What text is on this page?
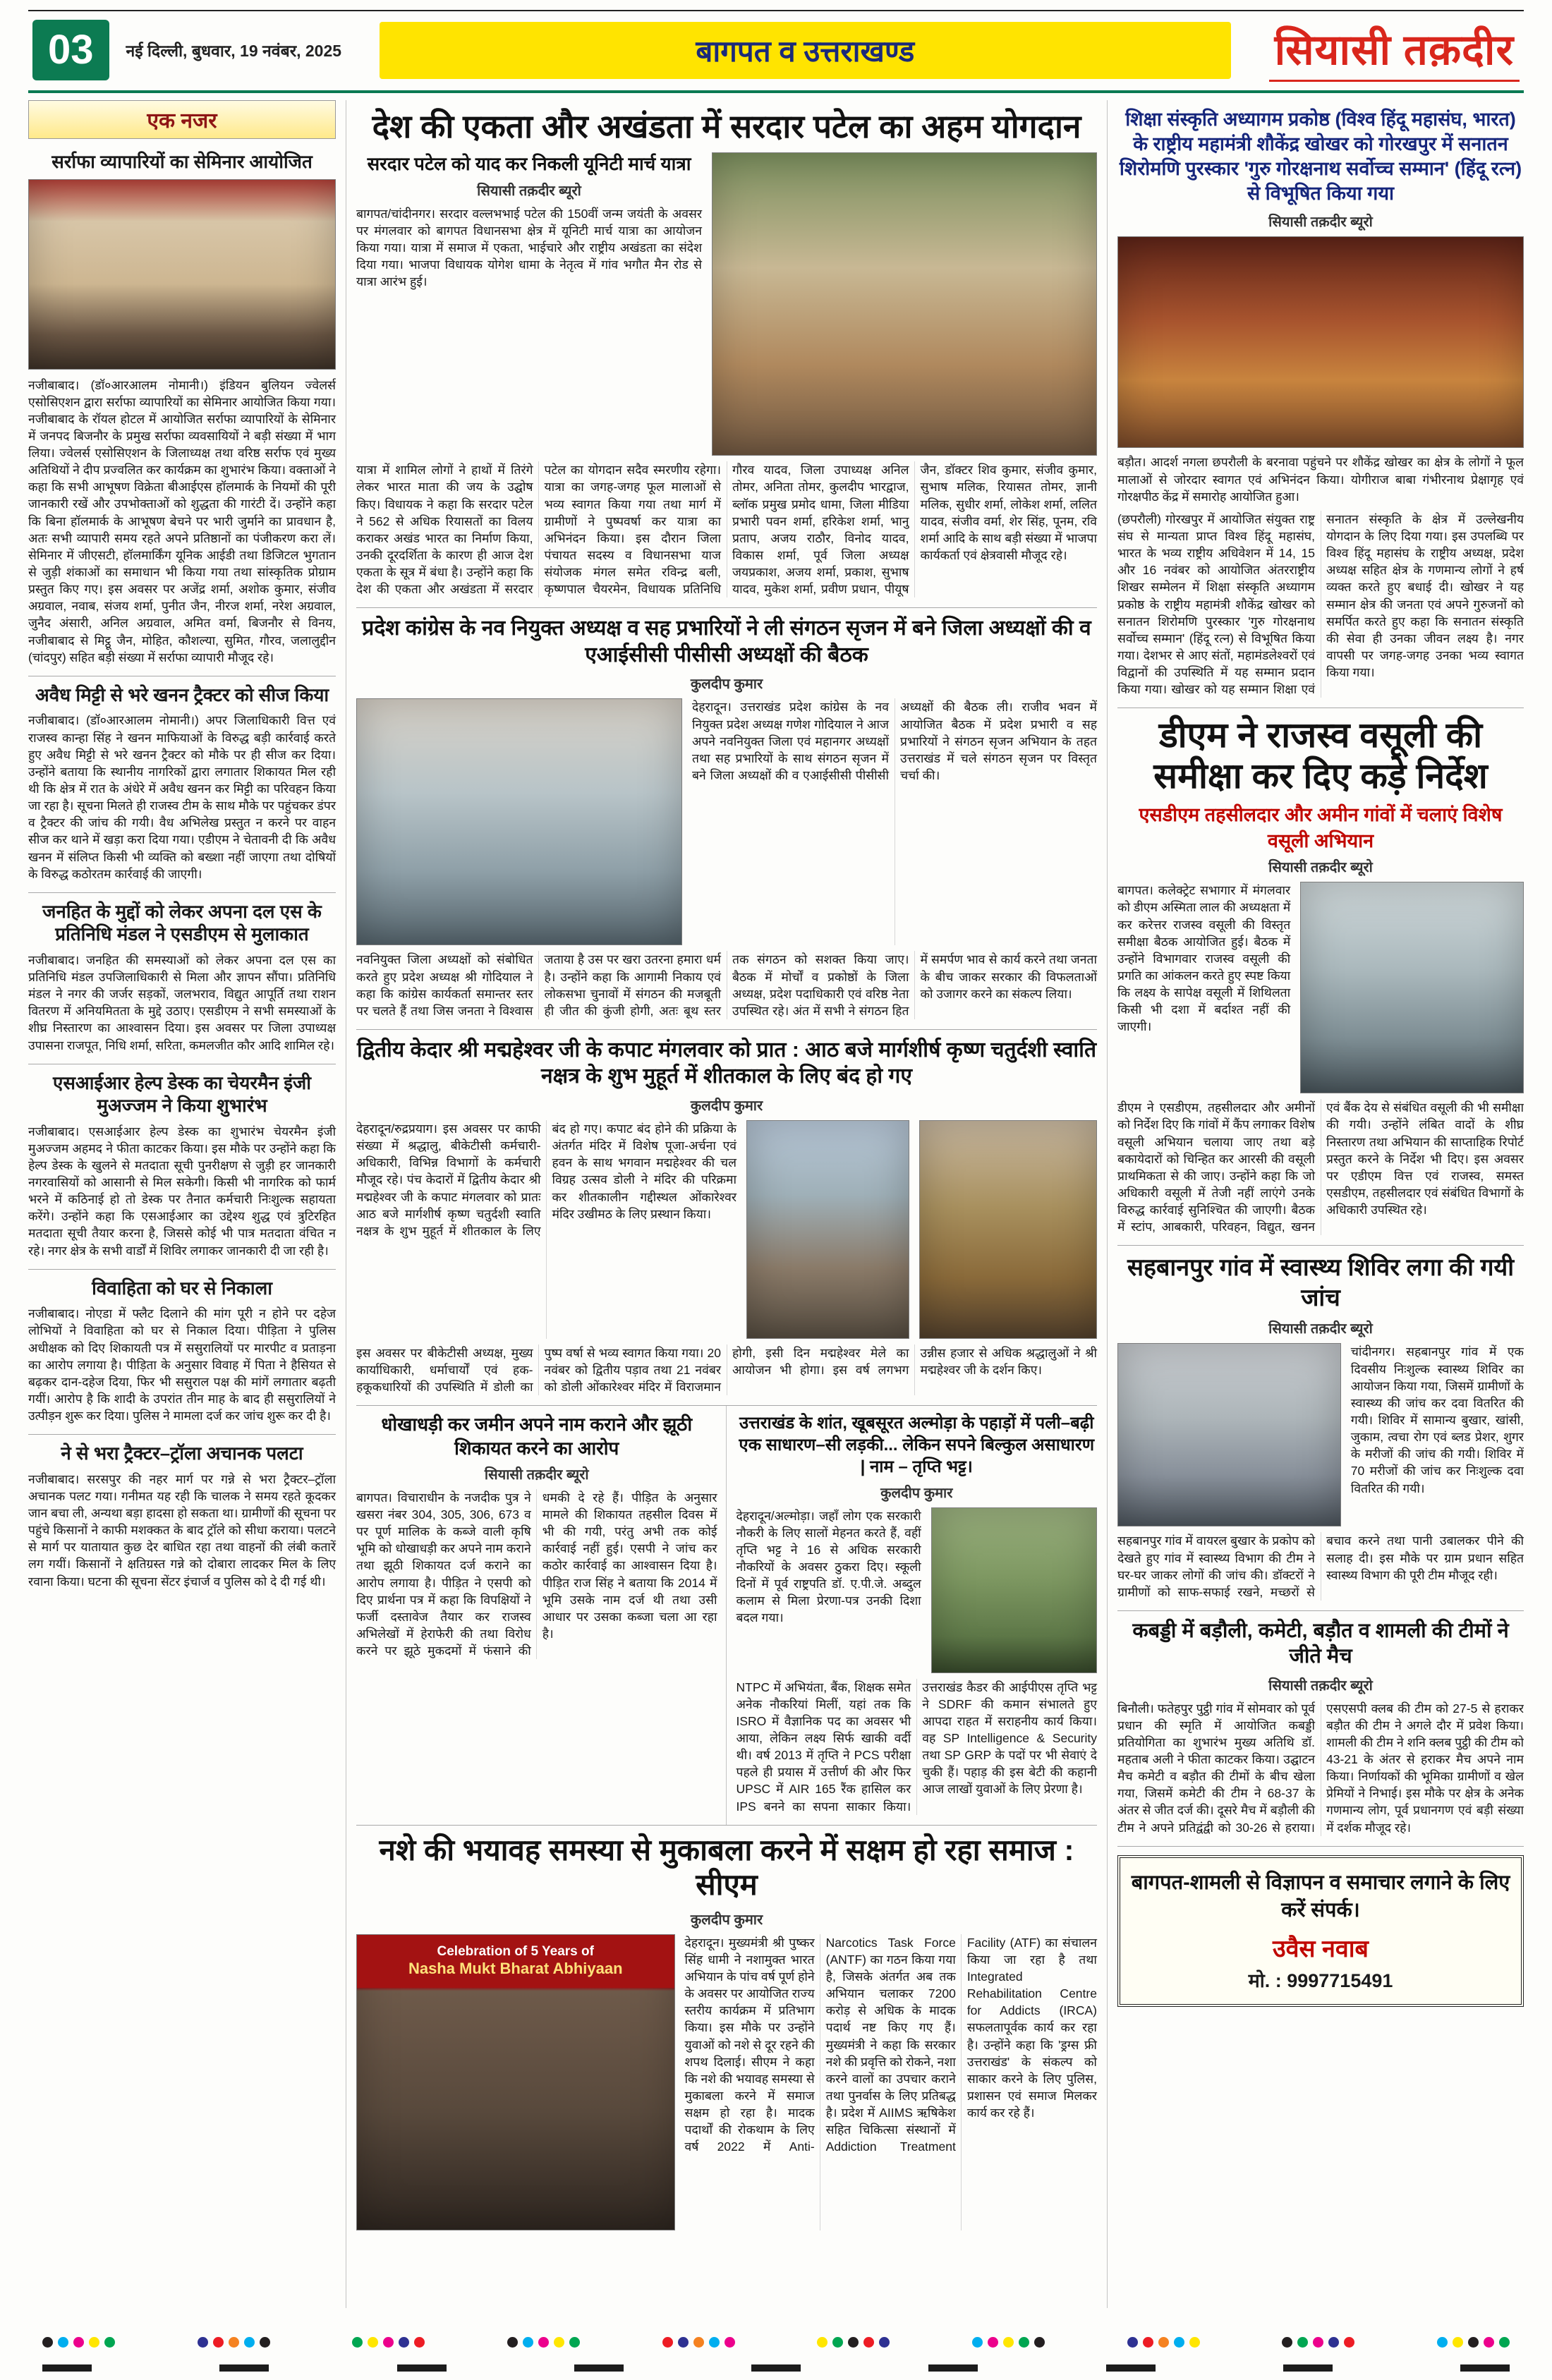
03	नई दिल्ली, बुधवार, 19 नवंबर, 2025	बागपत व उत्तराखण्ड	सियासी तक़दीर
एक नजर
सर्राफा व्यापारियों का सेमिनार आयोजित

नजीबाबाद। (डॉ०आरआलम नोमानी।) इंडियन बुलियन ज्वेलर्स एसोसिएशन द्वारा सर्राफा व्यापारियों का सेमिनार आयोजित किया गया। नजीबाबाद के रॉयल होटल में आयोजित सर्राफा व्यापारियों के सेमिनार में जनपद बिजनौर के प्रमुख सर्राफा व्यवसायियों ने बड़ी संख्या में भाग लिया। ज्वेलर्स एसोसिएशन के जिलाध्यक्ष तथा वरिष्ठ सर्राफ एवं मुख्य अतिथियों ने दीप प्रज्वलित कर कार्यक्रम का शुभारंभ किया। वक्ताओं ने कहा कि सभी आभूषण विक्रेता बीआईएस हॉलमार्क के नियमों की पूरी जानकारी रखें और उपभोक्ताओं को शुद्धता की गारंटी दें। उन्होंने कहा कि बिना हॉलमार्क के आभूषण बेचने पर भारी जुर्माने का प्रावधान है, अतः सभी व्यापारी समय रहते अपने प्रतिष्ठानों का पंजीकरण करा लें। सेमिनार में जीएसटी, हॉलमार्किंग यूनिक आईडी तथा डिजिटल भुगतान से जुड़ी शंकाओं का समाधान भी किया गया तथा सांस्कृतिक प्रोग्राम प्रस्तुत किए गए। इस अवसर पर अजेंद्र शर्मा, अशोक कुमार, संजीव अग्रवाल, नवाब, संजय शर्मा, पुनीत जैन, नीरज शर्मा, नरेश अग्रवाल, जुनैद अंसारी, अनिल अग्रवाल, अमित वर्मा, बिजनौर से विनय, नजीबाबाद से मिट्ठू जैन, मोहित, कौशल्या, सुमित, गौरव, जलालुद्दीन (चांदपुर) सहित बड़ी संख्या में सर्राफा व्यापारी मौजूद रहे।

अवैध मिट्टी से भरे खनन ट्रैक्टर को सीज किया

नजीबाबाद। (डॉ०आरआलम नोमानी।) अपर जिलाधिकारी वित्त एवं राजस्व कान्हा सिंह ने खनन माफियाओं के विरुद्ध बड़ी कार्रवाई करते हुए अवैध मिट्टी से भरे खनन ट्रैक्टर को मौके पर ही सीज कर दिया। उन्होंने बताया कि स्थानीय नागरिकों द्वारा लगातार शिकायत मिल रही थी कि क्षेत्र में रात के अंधेरे में अवैध खनन कर मिट्टी का परिवहन किया जा रहा है। सूचना मिलते ही राजस्व टीम के साथ मौके पर पहुंचकर डंपर व ट्रैक्टर की जांच की गयी। वैध अभिलेख प्रस्तुत न करने पर वाहन सीज कर थाने में खड़ा करा दिया गया। एडीएम ने चेतावनी दी कि अवैध खनन में संलिप्त किसी भी व्यक्ति को बख्शा नहीं जाएगा तथा दोषियों के विरुद्ध कठोरतम कार्रवाई की जाएगी।

जनहित के मुद्दों को लेकर अपना दल एस के प्रतिनिधि मंडल ने एसडीएम से मुलाकात

नजीबाबाद। जनहित की समस्याओं को लेकर अपना दल एस का प्रतिनिधि मंडल उपजिलाधिकारी से मिला और ज्ञापन सौंपा। प्रतिनिधि मंडल ने नगर की जर्जर सड़कों, जलभराव, विद्युत आपूर्ति तथा राशन वितरण में अनियमितता के मुद्दे उठाए। एसडीएम ने सभी समस्याओं के शीघ्र निस्तारण का आश्वासन दिया। इस अवसर पर जिला उपाध्यक्ष उपासना राजपूत, निधि शर्मा, सरिता, कमलजीत कौर आदि शामिल रहे।

एसआईआर हेल्प डेस्क का चेयरमैन इंजी मुअज्जम ने किया शुभारंभ

नजीबाबाद। एसआईआर हेल्प डेस्क का शुभारंभ चेयरमैन इंजी मुअज्जम अहमद ने फीता काटकर किया। इस मौके पर उन्होंने कहा कि हेल्प डेस्क के खुलने से मतदाता सूची पुनरीक्षण से जुड़ी हर जानकारी नगरवासियों को आसानी से मिल सकेगी। किसी भी नागरिक को फार्म भरने में कठिनाई हो तो डेस्क पर तैनात कर्मचारी निःशुल्क सहायता करेंगे। उन्होंने कहा कि एसआईआर का उद्देश्य शुद्ध एवं त्रुटिरहित मतदाता सूची तैयार करना है, जिससे कोई भी पात्र मतदाता वंचित न रहे। नगर क्षेत्र के सभी वार्डों में शिविर लगाकर जानकारी दी जा रही है।

विवाहिता को घर से निकाला

नजीबाबाद। नोएडा में फ्लैट दिलाने की मांग पूरी न होने पर दहेज लोभियों ने विवाहिता को घर से निकाल दिया। पीड़िता ने पुलिस अधीक्षक को दिए शिकायती पत्र में ससुरालियों पर मारपीट व प्रताड़ना का आरोप लगाया है। पीड़िता के अनुसार विवाह में पिता ने हैसियत से बढ़कर दान-दहेज दिया, फिर भी ससुराल पक्ष की मांगें लगातार बढ़ती गयीं। आरोप है कि शादी के उपरांत तीन माह के बाद ही ससुरालियों ने उत्पीड़न शुरू कर दिया। पुलिस ने मामला दर्ज कर जांच शुरू कर दी है।

ने से भरा ट्रैक्टर–ट्रॉला अचानक पलटा

नजीबाबाद। सरसपुर की नहर मार्ग पर गन्ने से भरा ट्रैक्टर–ट्रॉला अचानक पलट गया। गनीमत यह रही कि चालक ने समय रहते कूदकर जान बचा ली, अन्यथा बड़ा हादसा हो सकता था। ग्रामीणों की सूचना पर पहुंचे किसानों ने काफी मशक्कत के बाद ट्रॉले को सीधा कराया। पलटने से मार्ग पर यातायात कुछ देर बाधित रहा तथा वाहनों की लंबी कतारें लग गयीं। किसानों ने क्षतिग्रस्त गन्ने को दोबारा लादकर मिल के लिए रवाना किया। घटना की सूचना सेंटर इंचार्ज व पुलिस को दे दी गई थी।

देश की एकता और अखंडता में सरदार पटेल का अहम योगदान
सरदार पटेल को याद कर निकली यूनिटी मार्च यात्रा
सियासी तक़दीर ब्यूरो

बागपत/चांदीनगर। सरदार वल्लभभाई पटेल की 150वीं जन्म जयंती के अवसर पर मंगलवार को बागपत विधानसभा क्षेत्र में यूनिटी मार्च यात्रा का आयोजन किया गया। यात्रा में समाज में एकता, भाईचारे और राष्ट्रीय अखंडता का संदेश दिया गया। भाजपा विधायक योगेश धामा के नेतृत्व में गांव भगौत मैन रोड से यात्रा आरंभ हुई।

यात्रा में शामिल लोगों ने हाथों में तिरंगे लेकर भारत माता की जय के उद्घोष किए। विधायक ने कहा कि सरदार पटेल ने 562 से अधिक रियासतों का विलय कराकर अखंड भारत का निर्माण किया, उनकी दूरदर्शिता के कारण ही आज देश एकता के सूत्र में बंधा है। उन्होंने कहा कि देश की एकता और अखंडता में सरदार पटेल का योगदान सदैव स्मरणीय रहेगा। यात्रा का जगह-जगह फूल मालाओं से भव्य स्वागत किया गया तथा मार्ग में ग्रामीणों ने पुष्पवर्षा कर यात्रा का अभिनंदन किया। इस दौरान जिला पंचायत सदस्य व विधानसभा याज संयोजक मंगल समेत रविन्द्र बली, कृष्णपाल चैयरमेन, विधायक प्रतिनिधि गौरव यादव, जिला उपाध्यक्ष अनिल तोमर, अनिता तोमर, कुलदीप भारद्वाज, ब्लॉक प्रमुख प्रमोद धामा, जिला मीडिया प्रभारी पवन शर्मा, हरिकेश शर्मा, भानु प्रताप, अजय राठौर, विनोद यादव, विकास शर्मा, पूर्व जिला अध्यक्ष जयप्रकाश, अजय शर्मा, प्रकाश, सुभाष यादव, मुकेश शर्मा, प्रवीण प्रधान, पीयूष जैन, डॉक्टर शिव कुमार, संजीव कुमार, सुभाष मलिक, रियासत तोमर, ज्ञानी मलिक, सुधीर शर्मा, लोकेश शर्मा, ललित यादव, संजीव वर्मा, शेर सिंह, पूनम, रवि शर्मा आदि के साथ बड़ी संख्या में भाजपा कार्यकर्ता एवं क्षेत्रवासी मौजूद रहे।

प्रदेश कांग्रेस के नव नियुक्त अध्यक्ष व सह प्रभारियों ने ली संगठन सृजन में बने जिला अध्यक्षों की व एआईसीसी पीसीसी अध्यक्षों की बैठक
कुलदीप कुमार

देहरादून। उत्तराखंड प्रदेश कांग्रेस के नव नियुक्त प्रदेश अध्यक्ष गणेश गोदियाल ने आज अपने नवनियुक्त जिला एवं महानगर अध्यक्षों तथा सह प्रभारियों के साथ संगठन सृजन में बने जिला अध्यक्षों की व एआईसीसी पीसीसी अध्यक्षों की बैठक ली। राजीव भवन में आयोजित बैठक में प्रदेश प्रभारी व सह प्रभारियों ने संगठन सृजन अभियान के तहत उत्तराखंड में चले संगठन सृजन पर विस्तृत चर्चा की।

नवनियुक्त जिला अध्यक्षों को संबोधित करते हुए प्रदेश अध्यक्ष श्री गोदियाल ने कहा कि कांग्रेस कार्यकर्ता समान्तर स्तर पर चलते हैं तथा जिस जनता ने विश्वास जताया है उस पर खरा उतरना हमारा धर्म है। उन्होंने कहा कि आगामी निकाय एवं लोकसभा चुनावों में संगठन की मजबूती ही जीत की कुंजी होगी, अतः बूथ स्तर तक संगठन को सशक्त किया जाए। बैठक में मोर्चों व प्रकोष्ठों के जिला अध्यक्ष, प्रदेश पदाधिकारी एवं वरिष्ठ नेता उपस्थित रहे। अंत में सभी ने संगठन हित में समर्पण भाव से कार्य करने तथा जनता के बीच जाकर सरकार की विफलताओं को उजागर करने का संकल्प लिया।

द्वितीय केदार श्री मद्महेश्वर जी के कपाट मंगलवार को प्रात : आठ बजे मार्गशीर्ष कृष्ण चतुर्दशी स्वाति नक्षत्र के शुभ मुहूर्त में शीतकाल के लिए बंद हो गए
कुलदीप कुमार

देहरादून/रुद्रप्रयाग। इस अवसर पर काफी संख्या में श्रद्धालु, बीकेटीसी कर्मचारी-अधिकारी, विभिन्न विभागों के कर्मचारी मौजूद रहे। पंच केदारों में द्वितीय केदार श्री मद्महेश्वर जी के कपाट मंगलवार को प्रातः आठ बजे मार्गशीर्ष कृष्ण चतुर्दशी स्वाति नक्षत्र के शुभ मुहूर्त में शीतकाल के लिए बंद हो गए। कपाट बंद होने की प्रक्रिया के अंतर्गत मंदिर में विशेष पूजा-अर्चना एवं हवन के साथ भगवान मद्महेश्वर की चल विग्रह उत्सव डोली ने मंदिर की परिक्रमा कर शीतकालीन गद्दीस्थल ओंकारेश्वर मंदिर उखीमठ के लिए प्रस्थान किया।

इस अवसर पर बीकेटीसी अध्यक्ष, मुख्य कार्याधिकारी, धर्माचार्यों एवं हक-हकूकधारियों की उपस्थिति में डोली का पुष्प वर्षा से भव्य स्वागत किया गया। 20 नवंबर को द्वितीय पड़ाव तथा 21 नवंबर को डोली ओंकारेश्वर मंदिर में विराजमान होगी, इसी दिन मद्महेश्वर मेले का आयोजन भी होगा। इस वर्ष लगभग उन्नीस हजार से अधिक श्रद्धालुओं ने श्री मद्महेश्वर जी के दर्शन किए।

धोखाधड़ी कर जमीन अपने नाम कराने और झूठी शिकायत करने का आरोप
सियासी तक़दीर ब्यूरो

बागपत। विचाराधीन के नजदीक पुत्र ने खसरा नंबर 304, 305, 306, 673 व पर पूर्ण मालिक के कब्जे वाली कृषि भूमि को धोखाधड़ी कर अपने नाम कराने तथा झूठी शिकायत दर्ज कराने का आरोप लगाया है। पीड़ित ने एसपी को दिए प्रार्थना पत्र में कहा कि विपक्षियों ने फर्जी दस्तावेज तैयार कर राजस्व अभिलेखों में हेराफेरी की तथा विरोध करने पर झूठे मुकदमों में फंसाने की धमकी दे रहे हैं। पीड़ित के अनुसार मामले की शिकायत तहसील दिवस में भी की गयी, परंतु अभी तक कोई कार्रवाई नहीं हुई। एसपी ने जांच कर कठोर कार्रवाई का आश्वासन दिया है। पीड़ित राज सिंह ने बताया कि 2014 में भूमि उसके नाम दर्ज थी तथा उसी आधार पर उसका कब्जा चला आ रहा है।

उत्तराखंड के शांत, खूबसूरत अल्मोड़ा के पहाड़ों में पली–बढ़ी एक साधारण–सी लड़की... लेकिन सपने बिल्कुल असाधारण | नाम – तृप्ति भट्ट।
कुलदीप कुमार

देहरादून/अल्मोड़ा। जहाँ लोग एक सरकारी नौकरी के लिए सालों मेहनत करते हैं, वहीं तृप्ति भट्ट ने 16 से अधिक सरकारी नौकरियों के अवसर ठुकरा दिए। स्कूली दिनों में पूर्व राष्ट्रपति डॉ. ए.पी.जे. अब्दुल कलाम से मिला प्रेरणा-पत्र उनकी दिशा बदल गया।

NTPC में अभियंता, बैंक, शिक्षक समेत अनेक नौकरियां मिलीं, यहां तक कि ISRO में वैज्ञानिक पद का अवसर भी आया, लेकिन लक्ष्य सिर्फ खाकी वर्दी थी। वर्ष 2013 में तृप्ति ने PCS परीक्षा पहले ही प्रयास में उत्तीर्ण की और फिर UPSC में AIR 165 रैंक हासिल कर IPS बनने का सपना साकार किया। उत्तराखंड कैडर की आईपीएस तृप्ति भट्ट ने SDRF की कमान संभालते हुए आपदा राहत में सराहनीय कार्य किया। वह SP Intelligence & Security तथा SP GRP के पदों पर भी सेवाएं दे चुकी हैं। पहाड़ की इस बेटी की कहानी आज लाखों युवाओं के लिए प्रेरणा है।

नशे की भयावह समस्या से मुकाबला करने में सक्षम हो रहा समाज : सीएम
कुलदीप कुमार
Celebration of 5 Years of
Nasha Mukt Bharat Abhiyaan

देहरादून। मुख्यमंत्री श्री पुष्कर सिंह धामी ने नशामुक्त भारत अभियान के पांच वर्ष पूर्ण होने के अवसर पर आयोजित राज्य स्तरीय कार्यक्रम में प्रतिभाग किया। इस मौके पर उन्होंने युवाओं को नशे से दूर रहने की शपथ दिलाई। सीएम ने कहा कि नशे की भयावह समस्या से मुकाबला करने में समाज सक्षम हो रहा है। मादक पदार्थों की रोकथाम के लिए वर्ष 2022 में Anti-Narcotics Task Force (ANTF) का गठन किया गया है, जिसके अंतर्गत अब तक अभियान चलाकर 7200 करोड़ से अधिक के मादक पदार्थ नष्ट किए गए हैं। मुख्यमंत्री ने कहा कि सरकार नशे की प्रवृत्ति को रोकने, नशा करने वालों का उपचार कराने तथा पुनर्वास के लिए प्रतिबद्ध है। प्रदेश में AIIMS ऋषिकेश सहित चिकित्सा संस्थानों में Addiction Treatment Facility (ATF) का संचालन किया जा रहा है तथा Integrated Rehabilitation Centre for Addicts (IRCA) सफलतापूर्वक कार्य कर रहा है। उन्होंने कहा कि 'ड्रग्स फ्री उत्तराखंड' के संकल्प को साकार करने के लिए पुलिस, प्रशासन एवं समाज मिलकर कार्य कर रहे हैं।

शिक्षा संस्कृति अध्यागम प्रकोष्ठ (विश्व हिंदू महासंघ, भारत) के राष्ट्रीय महामंत्री शौकेंद्र खोखर को गोरखपुर में सनातन शिरोमणि पुरस्कार 'गुरु गोरक्षनाथ सर्वोच्च सम्मान' (हिंदू रत्न) से विभूषित किया गया
सियासी तक़दीर ब्यूरो

बड़ौत। आदर्श नगला छपरौली के बरनावा पहुंचने पर शौकेंद्र खोखर का क्षेत्र के लोगों ने फूल मालाओं से जोरदार स्वागत एवं अभिनंदन किया। योगीराज बाबा गंभीरनाथ प्रेक्षागृह एवं गोरक्षपीठ केंद्र में समारोह आयोजित हुआ।

(छपरौली) गोरखपुर में आयोजित संयुक्त राष्ट्र संघ से मान्यता प्राप्त विश्व हिंदू महासंघ, भारत के भव्य राष्ट्रीय अधिवेशन में 14, 15 और 16 नवंबर को आयोजित अंतरराष्ट्रीय शिखर सम्मेलन में शिक्षा संस्कृति अध्यागम प्रकोष्ठ के राष्ट्रीय महामंत्री शौकेंद्र खोखर को सनातन शिरोमणि पुरस्कार 'गुरु गोरक्षनाथ सर्वोच्च सम्मान' (हिंदू रत्न) से विभूषित किया गया। देशभर से आए संतों, महामंडलेश्वरों एवं विद्वानों की उपस्थिति में यह सम्मान प्रदान किया गया। खोखर को यह सम्मान शिक्षा एवं सनातन संस्कृति के क्षेत्र में उल्लेखनीय योगदान के लिए दिया गया। इस उपलब्धि पर विश्व हिंदू महासंघ के राष्ट्रीय अध्यक्ष, प्रदेश अध्यक्ष सहित क्षेत्र के गणमान्य लोगों ने हर्ष व्यक्त करते हुए बधाई दी। खोखर ने यह सम्मान क्षेत्र की जनता एवं अपने गुरुजनों को समर्पित करते हुए कहा कि सनातन संस्कृति की सेवा ही उनका जीवन लक्ष्य है। नगर वापसी पर जगह-जगह उनका भव्य स्वागत किया गया।

डीएम ने राजस्व वसूली की समीक्षा कर दिए कड़े निर्देश
एसडीएम तहसीलदार और अमीन गांवों में चलाएं विशेष वसूली अभियान
सियासी तक़दीर ब्यूरो

बागपत। कलेक्ट्रेट सभागार में मंगलवार को डीएम अस्मिता लाल की अध्यक्षता में कर करेत्तर राजस्व वसूली की विस्तृत समीक्षा बैठक आयोजित हुई। बैठक में उन्होंने विभागवार राजस्व वसूली की प्रगति का आंकलन करते हुए स्पष्ट किया कि लक्ष्य के सापेक्ष वसूली में शिथिलता किसी भी दशा में बर्दाश्त नहीं की जाएगी।

डीएम ने एसडीएम, तहसीलदार और अमीनों को निर्देश दिए कि गांवों में कैंप लगाकर विशेष वसूली अभियान चलाया जाए तथा बड़े बकायेदारों को चिन्हित कर आरसी की वसूली प्राथमिकता से की जाए। उन्होंने कहा कि जो अधिकारी वसूली में तेजी नहीं लाएंगे उनके विरुद्ध कार्रवाई सुनिश्चित की जाएगी। बैठक में स्टांप, आबकारी, परिवहन, विद्युत, खनन एवं बैंक देय से संबंधित वसूली की भी समीक्षा की गयी। उन्होंने लंबित वादों के शीघ्र निस्तारण तथा अभियान की साप्ताहिक रिपोर्ट प्रस्तुत करने के निर्देश भी दिए। इस अवसर पर एडीएम वित्त एवं राजस्व, समस्त एसडीएम, तहसीलदार एवं संबंधित विभागों के अधिकारी उपस्थित रहे।

सहबानपुर गांव में स्वास्थ्य शिविर लगा की गयी जांच
सियासी तक़दीर ब्यूरो

चांदीनगर। सहबानपुर गांव में एक दिवसीय निःशुल्क स्वास्थ्य शिविर का आयोजन किया गया, जिसमें ग्रामीणों के स्वास्थ्य की जांच कर दवा वितरित की गयी। शिविर में सामान्य बुखार, खांसी, जुकाम, त्वचा रोग एवं ब्लड प्रेशर, शुगर के मरीजों की जांच की गयी। शिविर में 70 मरीजों की जांच कर निःशुल्क दवा वितरित की गयी।

सहबानपुर गांव में वायरल बुखार के प्रकोप को देखते हुए गांव में स्वास्थ्य विभाग की टीम ने घर-घर जाकर लोगों की जांच की। डॉक्टरों ने ग्रामीणों को साफ-सफाई रखने, मच्छरों से बचाव करने तथा पानी उबालकर पीने की सलाह दी। इस मौके पर ग्राम प्रधान सहित स्वास्थ्य विभाग की पूरी टीम मौजूद रही।

कबड्डी में बड़ौली, कमेटी, बड़ौत व शामली की टीमों ने जीते मैच
सियासी तक़दीर ब्यूरो

बिनौली। फतेहपुर पुट्ठी गांव में सोमवार को पूर्व प्रधान की स्मृति में आयोजित कबड्डी प्रतियोगिता का शुभारंभ मुख्य अतिथि डॉ. महताब अली ने फीता काटकर किया। उद्घाटन मैच कमेटी व बड़ौत की टीमों के बीच खेला गया, जिसमें कमेटी की टीम ने 68-37 के अंतर से जीत दर्ज की। दूसरे मैच में बड़ौली की टीम ने अपने प्रतिद्वंद्वी को 30-26 से हराया। एसएसपी क्लब की टीम को 27-5 से हराकर बड़ौत की टीम ने अगले दौर में प्रवेश किया। शामली की टीम ने शनि क्लब पुट्ठी की टीम को 43-21 के अंतर से हराकर मैच अपने नाम किया। निर्णायकों की भूमिका ग्रामीणों व खेल प्रेमियों ने निभाई। इस मौके पर क्षेत्र के अनेक गणमान्य लोग, पूर्व प्रधानगण एवं बड़ी संख्या में दर्शक मौजूद रहे।

बागपत-शामली से विज्ञापन व समाचार लगाने के लिए करें संपर्क।
उवैस नवाब
मो. : 9997715491
